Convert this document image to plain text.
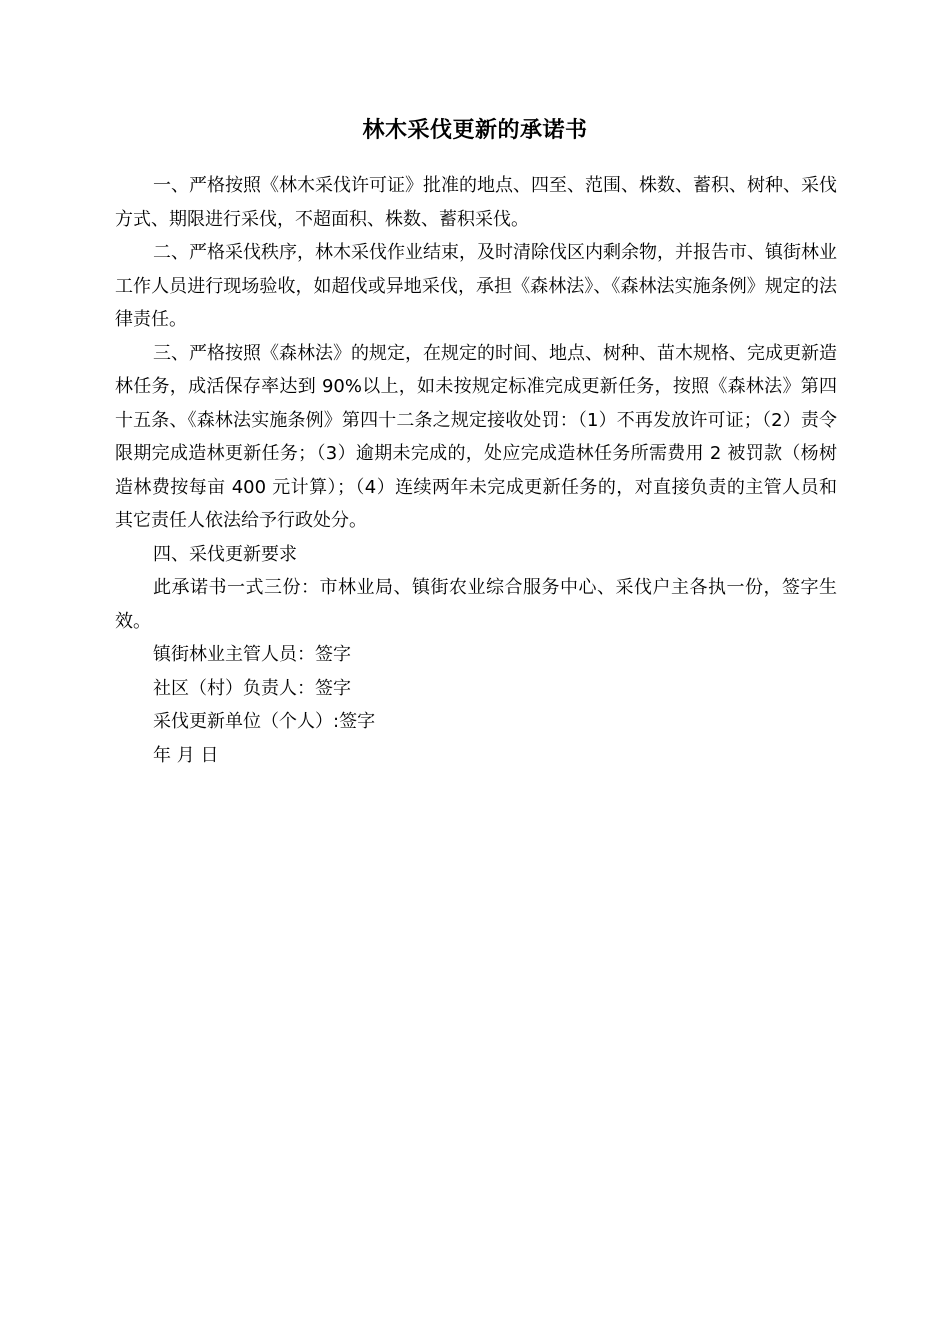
林木采伐更新的承诺书

一、严格按照《林木采伐许可证》批准的地点、四至、范围、株数、蓄积、树种、采伐方式、期限进行采伐，不超面积、株数、蓄积采伐。

二、严格采伐秩序，林木采伐作业结束，及时清除伐区内剩余物，并报告市、镇街林业工作人员进行现场验收，如超伐或异地采伐，承担《森林法》、《森林法实施条例》规定的法律责任。

三、严格按照《森林法》的规定，在规定的时间、地点、树种、苗木规格、完成更新造林任务，成活保存率达到 90%以上，如未按规定标准完成更新任务，按照《森林法》第四十五条、《森林法实施条例》第四十二条之规定接收处罚：（1）不再发放许可证；（2）责令限期完成造林更新任务；（3）逾期未完成的，处应完成造林任务所需费用 2 被罚款（杨树造林费按每亩 400 元计算）；（4）连续两年未完成更新任务的，对直接负责的主管人员和其它责任人依法给予行政处分。

四、采伐更新要求

此承诺书一式三份：市林业局、镇街农业综合服务中心、采伐户主各执一份，签字生效。

镇街林业主管人员：签字

社区（村）负责人：签字

采伐更新单位（个人）:签字

年 月 日
